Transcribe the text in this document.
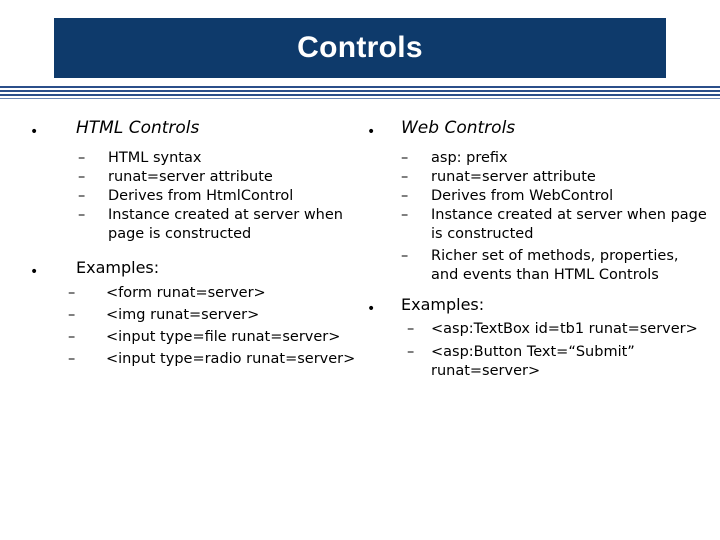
Controls
• HTML Controls
– HTML syntax
– runat=server attribute
– Derives from HtmlControl
– Instance created at server when page is constructed
• Examples:
– <form runat=server>
– <img runat=server>
– <input type=file runat=server>
– <input type=radio runat=server>
• Web Controls
– asp: prefix
– runat=server attribute
– Derives from WebControl
– Instance created at server when page is constructed
– Richer set of methods, properties, and events than HTML Controls
• Examples:
– <asp:TextBox id=tb1 runat=server>
– <asp:Button Text=“Submit” runat=server>
